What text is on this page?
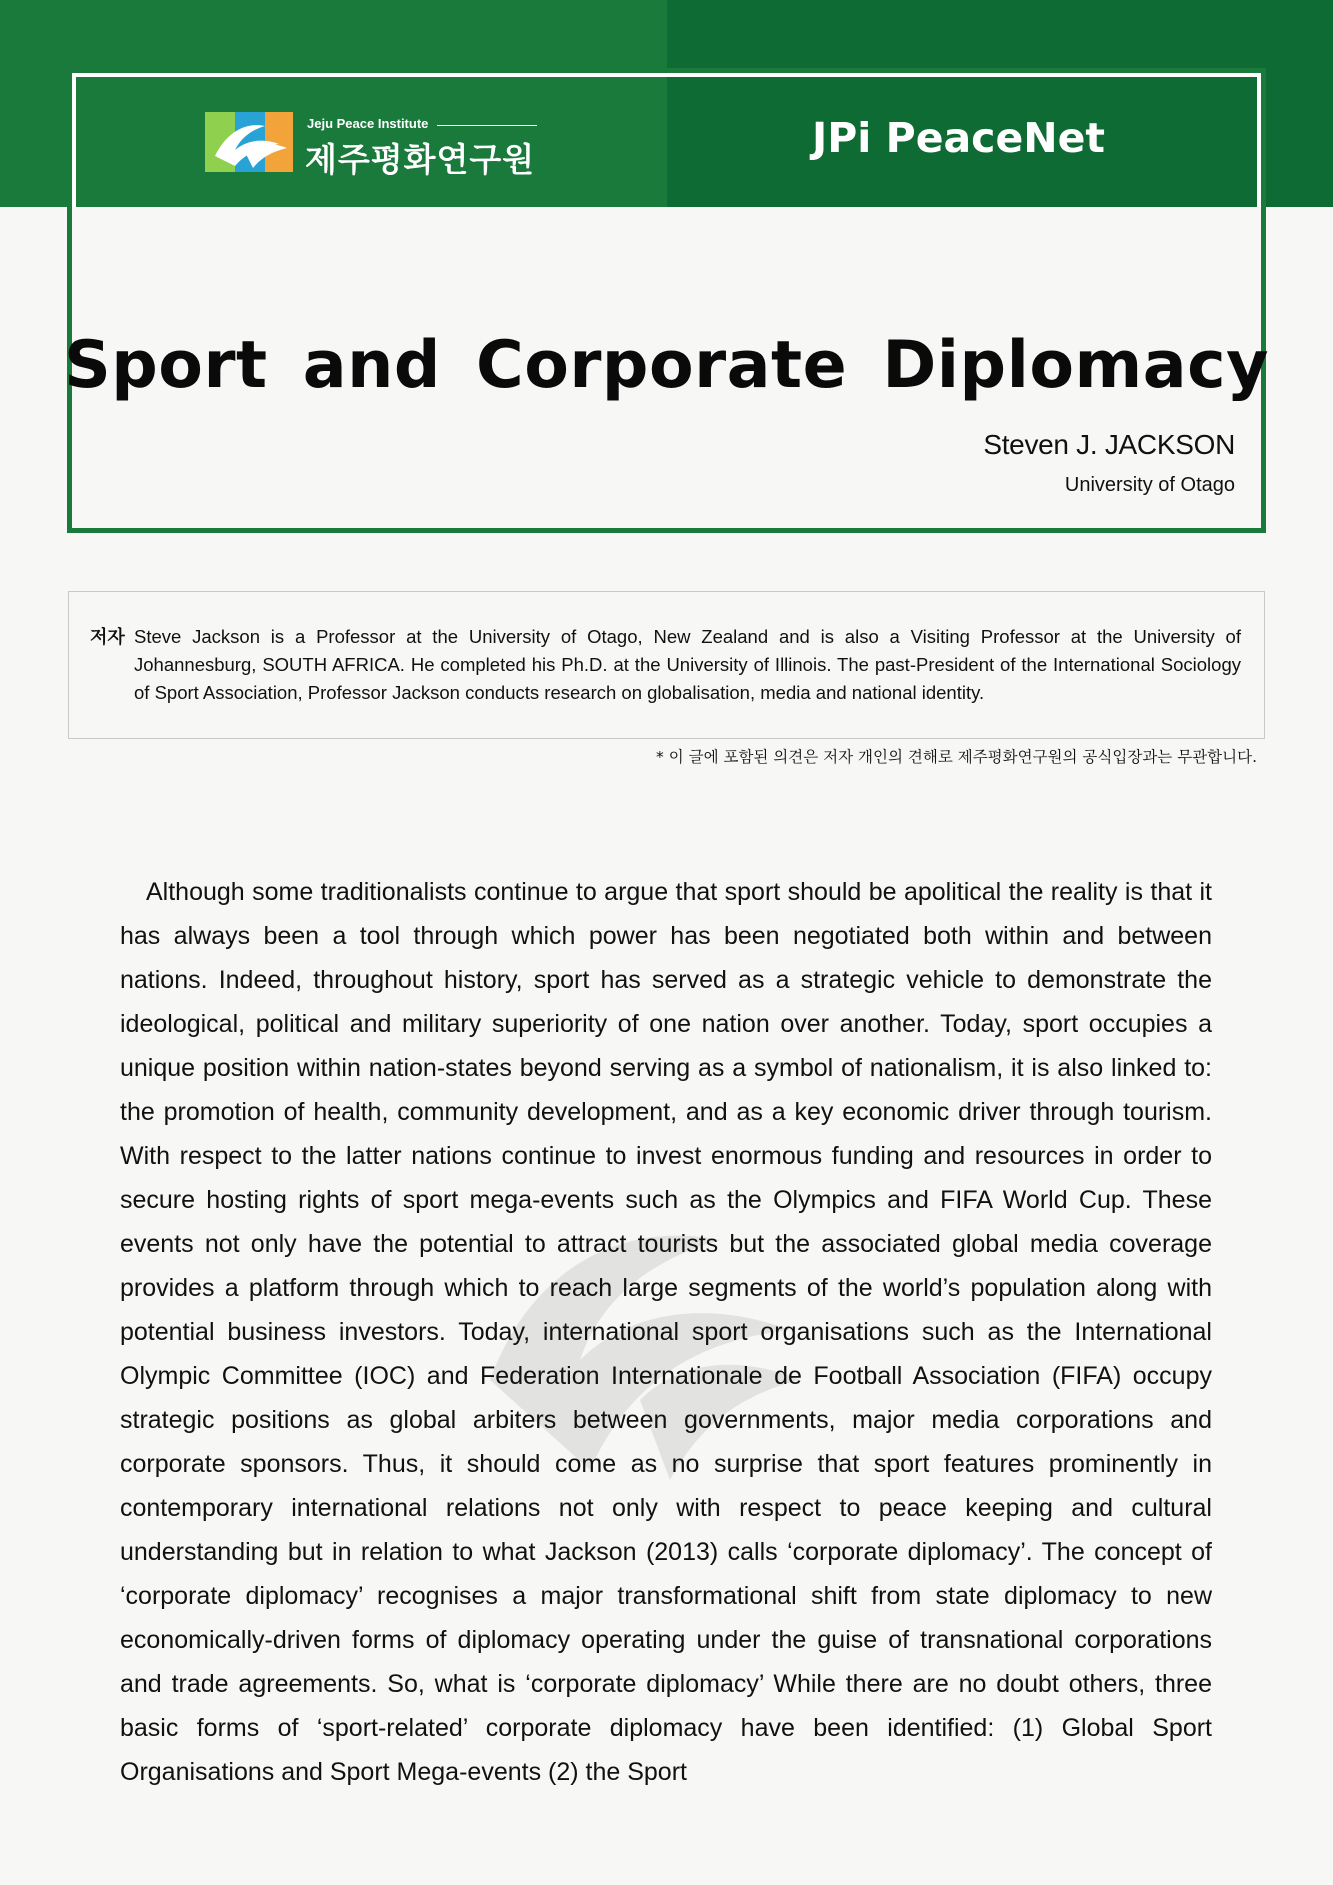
Jeju Peace Institute
제주평화연구원	JPi PeaceNet
Sport and Corporate Diplomacy
Steven J. JACKSON
University of Otago
저자 Steve Jackson is a Professor at the University of Otago, New Zealand and is also a Visiting Professor at the University of Johannesburg, SOUTH AFRICA. He completed his Ph.D. at the University of Illinois. The past-President of the International Sociology of Sport Association, Professor Jackson conducts research on globalisation, media and national identity.
* 이 글에 포함된 의견은 저자 개인의 견해로 제주평화연구원의 공식입장과는 무관합니다.
Although some traditionalists continue to argue that sport should be apolitical the reality is that it has always been a tool through which power has been negotiated both within and between nations. Indeed, throughout history, sport has served as a strategic vehicle to demonstrate the ideological, political and military superiority of one nation over another. Today, sport occupies a unique position within nation-states beyond serving as a symbol of nationalism, it is also linked to: the promotion of health, community development, and as a key economic driver through tourism. With respect to the latter nations continue to invest enormous funding and resources in order to secure hosting rights of sport mega-events such as the Olympics and FIFA World Cup. These events not only have the potential to attract tourists but the associated global media coverage provides a platform through which to reach large segments of the world’s population along with potential business investors. Today, international sport organisations such as the International Olympic Committee (IOC) and Federation Internationale de Football Association (FIFA) occupy strategic positions as global arbiters between governments, major media corporations and corporate sponsors. Thus, it should come as no surprise that sport features prominently in contemporary international relations not only with respect to peace keeping and cultural understanding but in relation to what Jackson (2013) calls ‘corporate diplomacy’. The concept of ‘corporate diplomacy’ recognises a major transformational shift from state diplomacy to new economically-driven forms of diplomacy operating under the guise of transnational corporations and trade agreements. So, what is ‘corporate diplomacy’ While there are no doubt others, three basic forms of ‘sport-related’ corporate diplomacy have been identified: (1) Global Sport Organisations and Sport Mega-events (2) the Sport
